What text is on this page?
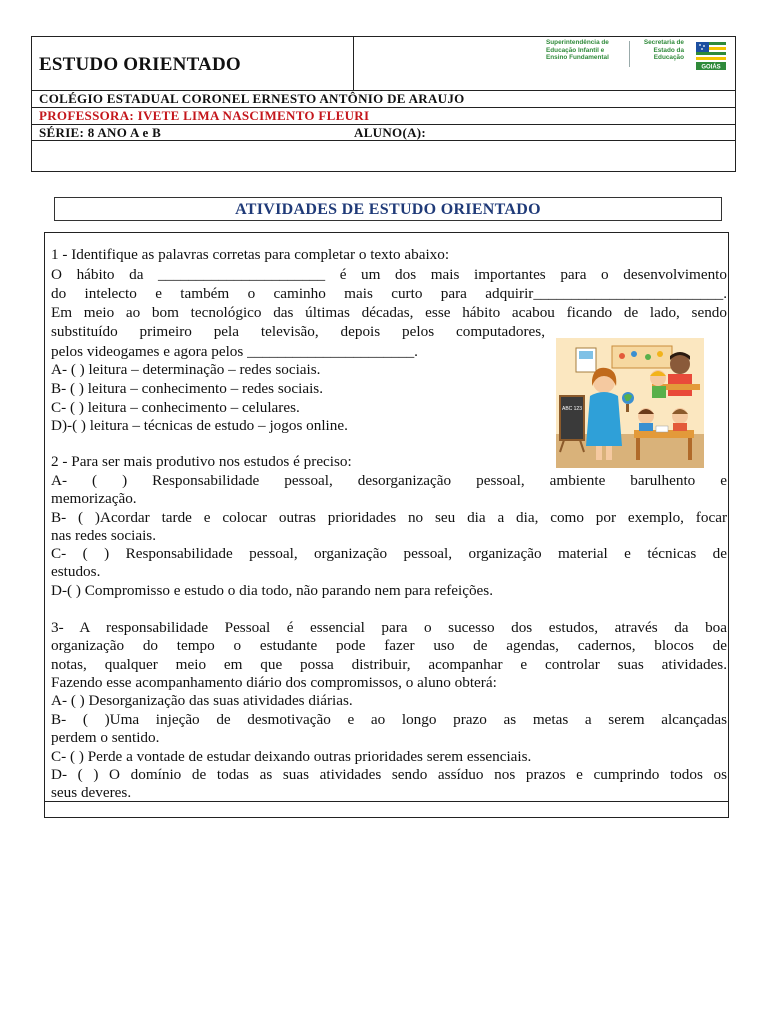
ESTUDO ORIENTADO
Superintendência de
Educação Infantil e
Ensino Fundamental
Secretaria de
Estado da
Educação
GOIÁS
COLÉGIO ESTADUAL CORONEL ERNESTO ANTÔNIO DE ARAUJO
PROFESSORA: IVETE LIMA NASCIMENTO FLEURI
SÉRIE: 8 ANO A e B	ALUNO(A):
ATIVIDADES DE ESTUDO ORIENTADO
1 - Identifique as palavras corretas para completar o texto abaixo:
O hábito da ______________________ é um dos mais importantes para o desenvolvimento
do intelecto e também o caminho mais curto para adquirir_________________________.
Em meio ao bom tecnológico das últimas décadas, esse hábito acabou ficando de lado, sendo
substituído primeiro pela televisão, depois pelos computadores,
pelos videogames e agora pelos ______________________.
A- ( ) leitura – determinação – redes sociais.
B- ( ) leitura – conhecimento – redes sociais.
C- ( ) leitura – conhecimento – celulares.
D)-( ) leitura – técnicas de estudo – jogos online.
ABC 123
2 - Para ser mais produtivo nos estudos é preciso:
A- ( ) Responsabilidade pessoal, desorganização pessoal, ambiente barulhento e
memorização.
B- ( )Acordar tarde e colocar outras prioridades no seu dia a dia, como por exemplo, focar
nas redes sociais.
C- ( ) Responsabilidade pessoal, organização pessoal, organização material e técnicas de
estudos.
D-( ) Compromisso e estudo o dia todo, não parando nem para refeições.
3- A responsabilidade Pessoal é essencial para o sucesso dos estudos, através da boa
organização do tempo o estudante pode fazer uso de agendas, cadernos, blocos de
notas, qualquer meio em que possa distribuir, acompanhar e controlar suas atividades.
Fazendo esse acompanhamento diário dos compromissos, o aluno obterá:
A- ( ) Desorganização das suas atividades diárias.
B- ( )Uma injeção de desmotivação e ao longo prazo as metas a serem alcançadas
perdem o sentido.
C- ( ) Perde a vontade de estudar deixando outras prioridades serem essenciais.
D- ( ) O domínio de todas as suas atividades sendo assíduo nos prazos e cumprindo todos os
seus deveres.
